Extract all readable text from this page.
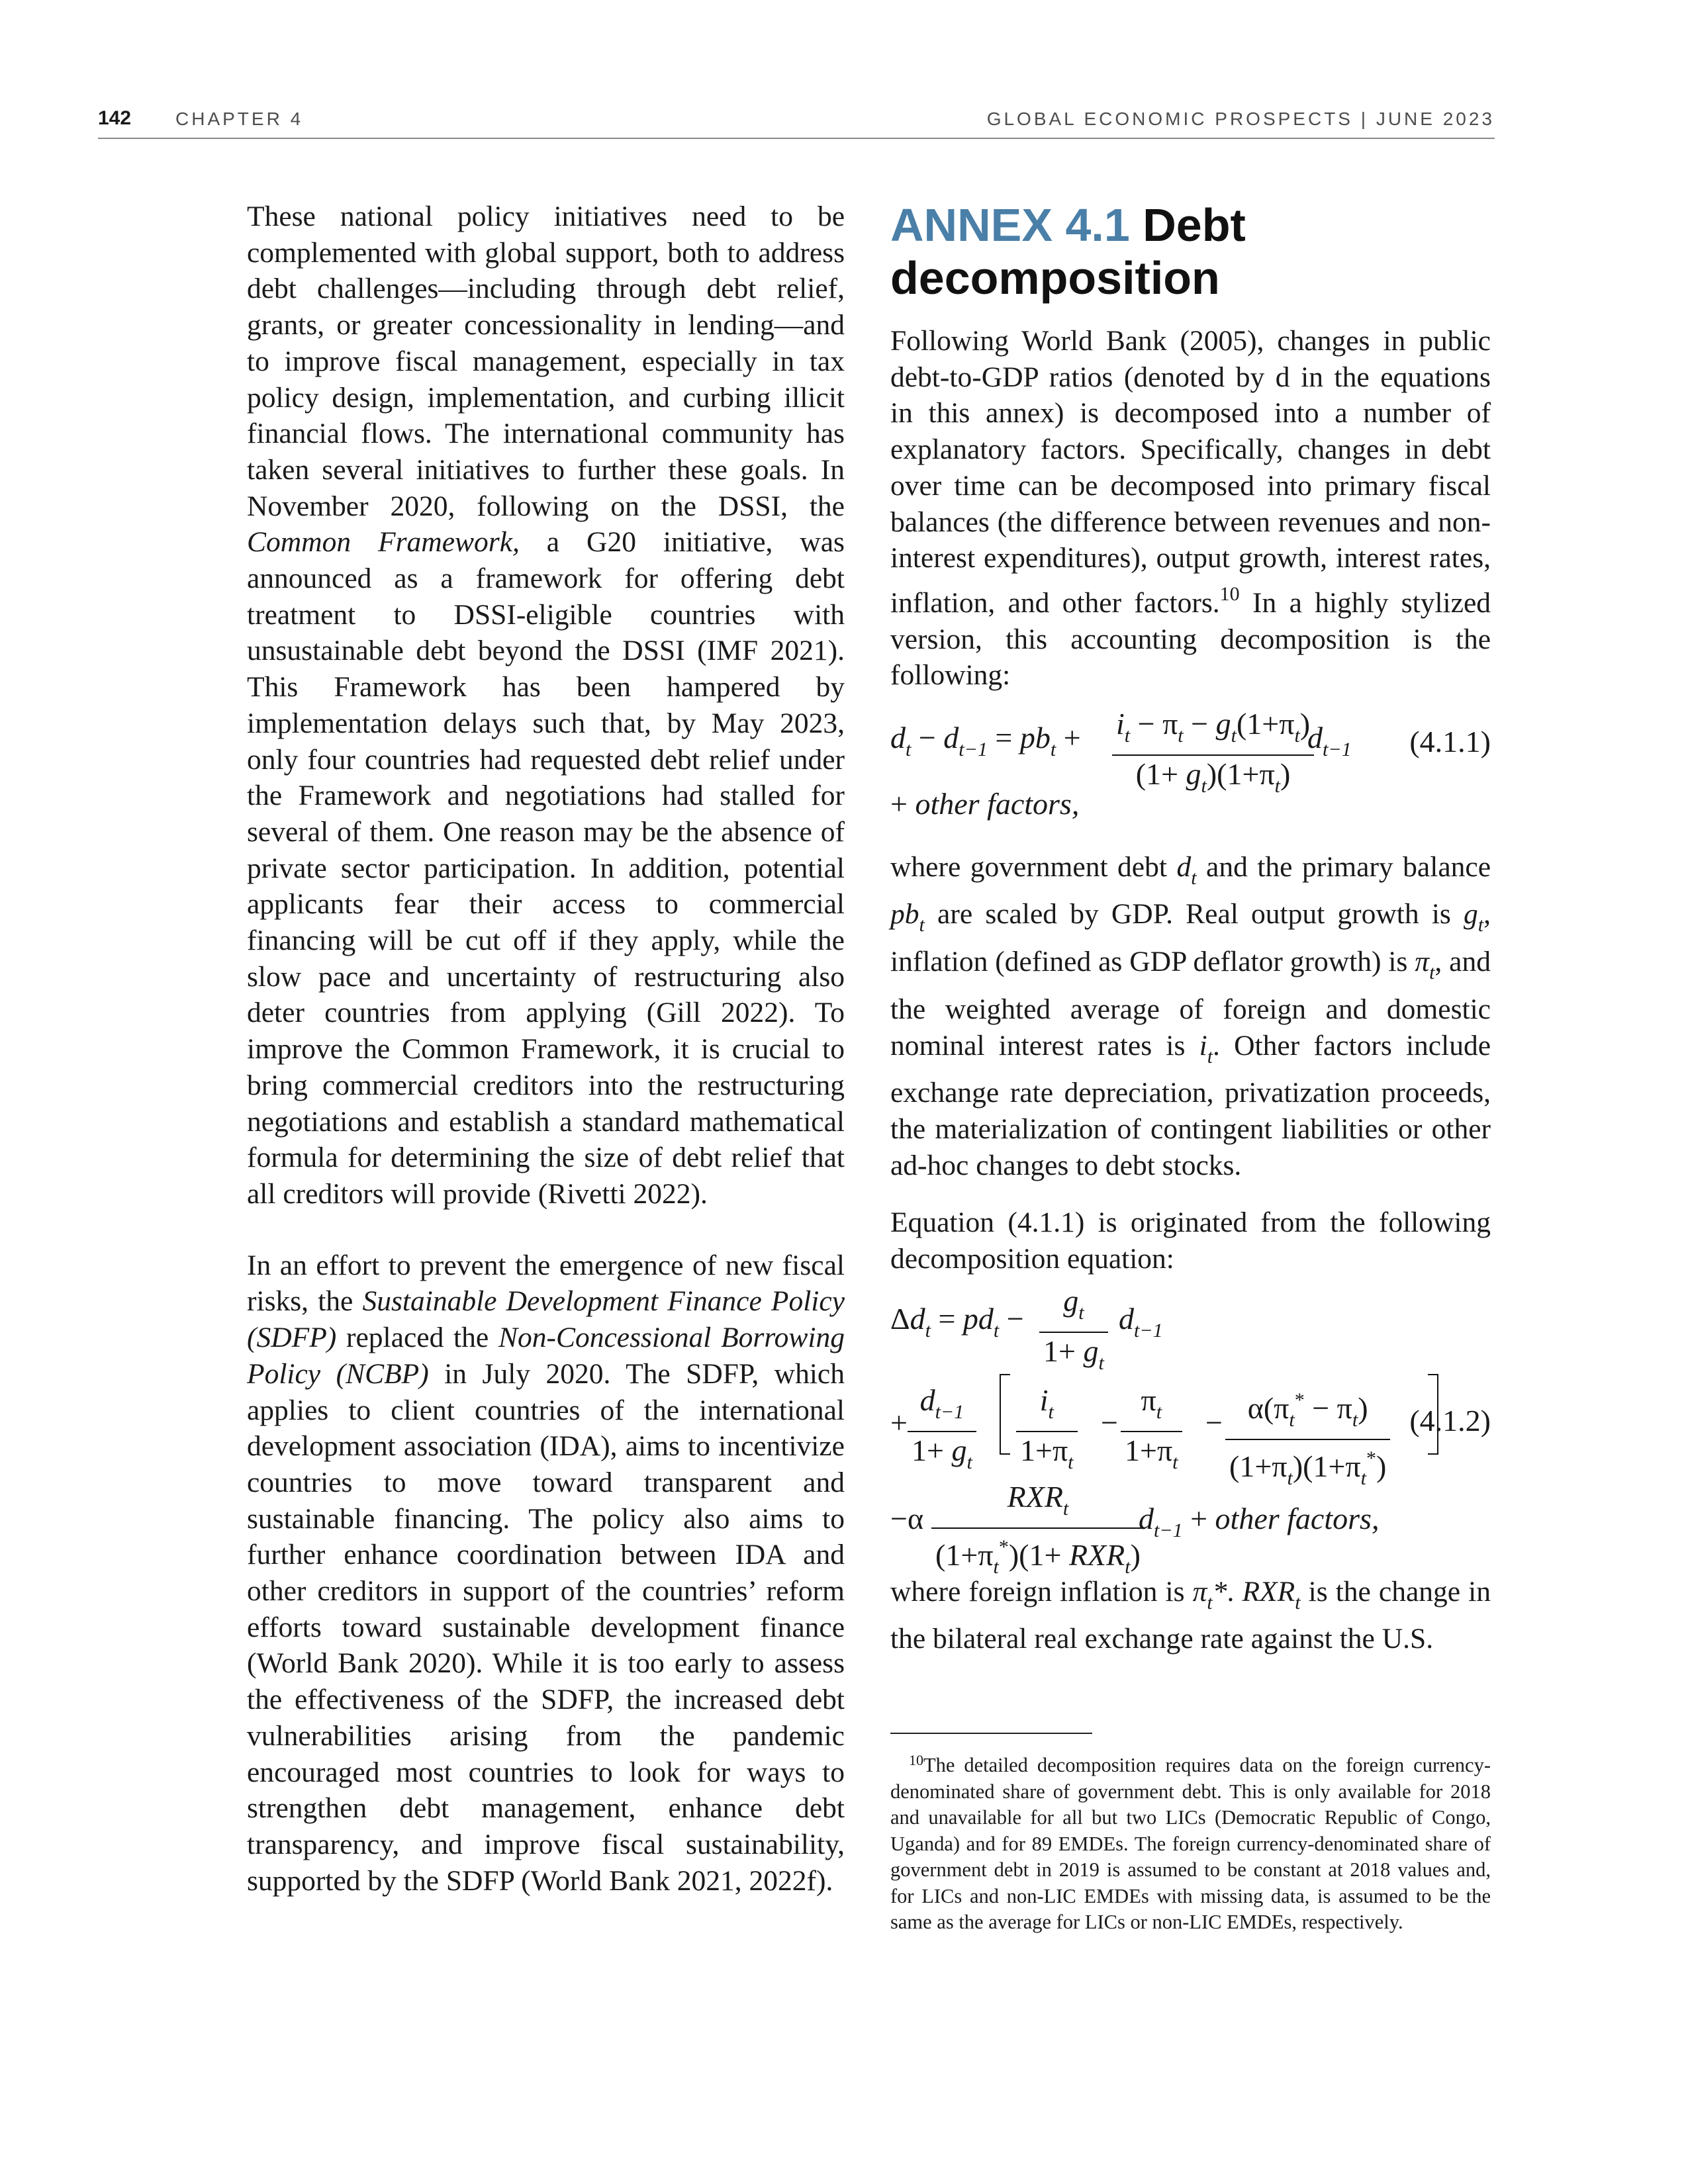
142 CHAPTER 4	GLOBAL ECONOMIC PROSPECTS | JUNE 2023

These national policy initiatives need to be complemented with global support, both to address debt challenges—including through debt relief, grants, or greater concessionality in lending—and to improve fiscal management, especially in tax policy design, implementation, and curbing illicit financial flows. The international community has taken several initiatives to further these goals. In November 2020, following on the DSSI, the Common Framework, a G20 initiative, was announced as a framework for offering debt treatment to DSSI-eligible countries with unsustainable debt beyond the DSSI (IMF 2021). This Framework has been hampered by implementation delays such that, by May 2023, only four countries had requested debt relief under the Framework and negotiations had stalled for several of them. One reason may be the absence of private sector participation. In addition, potential applicants fear their access to commercial financing will be cut off if they apply, while the slow pace and uncertainty of restructuring also deter countries from applying (Gill 2022). To improve the Common Framework, it is crucial to bring commercial creditors into the restructuring negotiations and establish a standard mathematical formula for determining the size of debt relief that all creditors will provide (Rivetti 2022).

In an effort to prevent the emergence of new fiscal risks, the Sustainable Development Finance Policy (SDFP) replaced the Non-Concessional Borrowing Policy (NCBP) in July 2020. The SDFP, which applies to client countries of the international development association (IDA), aims to incentivize countries to move toward transparent and sustainable financing. The policy also aims to further enhance coordination between IDA and other creditors in support of the countries’ reform efforts toward sustainable development finance (World Bank 2020). While it is too early to assess the effectiveness of the SDFP, the increased debt vulnerabilities arising from the pandemic encouraged most countries to look for ways to strengthen debt management, enhance debt transparency, and improve fiscal sustainability, supported by the SDFP (World Bank 2021, 2022f).

ANNEX 4.1 Debt decomposition

Following World Bank (2005), changes in public debt-to-GDP ratios (denoted by d in the equations in this annex) is decomposed into a number of explanatory factors. Specifically, changes in debt over time can be decomposed into primary fiscal balances (the difference between revenues and non-interest expenditures), output growth, interest rates, inflation, and other factors.$^{10}$ In a highly stylized version, this accounting decomposition is the following:

$d_t - d_{t-1} = pb_t + \frac{i_t - \pi_t - g_t(1+\pi_t)}{(1+ g_t)(1+\pi_t)}$
$d_{t-1}$ (4.1.1)
+ other factors,

where government debt $d_t$ and the primary balance $pb_t$ are scaled by GDP. Real output growth is $g_t$, inflation (defined as GDP deflator growth) is $\pi_t$, and the weighted average of foreign and domestic nominal interest rates is $i_t$. Other factors include exchange rate depreciation, privatization proceeds, the materialization of contingent liabilities or other ad-hoc changes to debt stocks.

Equation (4.1.1) is originated from the following decomposition equation:

$\Delta d_t = pd_t - \frac{g_t}{1+ g_t} d_{t-1}$
+ $\frac{d_{t-1}}{1+ g_t} \frac{i_t}{1+\pi_t} - \frac{\pi_t}{1+\pi_t} - \frac{\alpha(\pi_t^* - \pi_t)}{(1+\pi_t)(1+\pi_t^*)} (4.1.2)$
−α
$RXR_t$
$(1+\pi_t^*)(1+ RXR_t)$
$d_{t-1}$ + other factors,

where foreign inflation is $\pi_t*$. $RXR_t$ is the change in the bilateral real exchange rate against the U.S.

$^{10}$The detailed decomposition requires data on the foreign currency-denominated share of government debt. This is only available for 2018 and unavailable for all but two LICs (Democratic Republic of Congo, Uganda) and for 89 EMDEs. The foreign currency-denominated share of government debt in 2019 is assumed to be constant at 2018 values and, for LICs and non-LIC EMDEs with missing data, is assumed to be the same as the average for LICs or non-LIC EMDEs, respectively.
